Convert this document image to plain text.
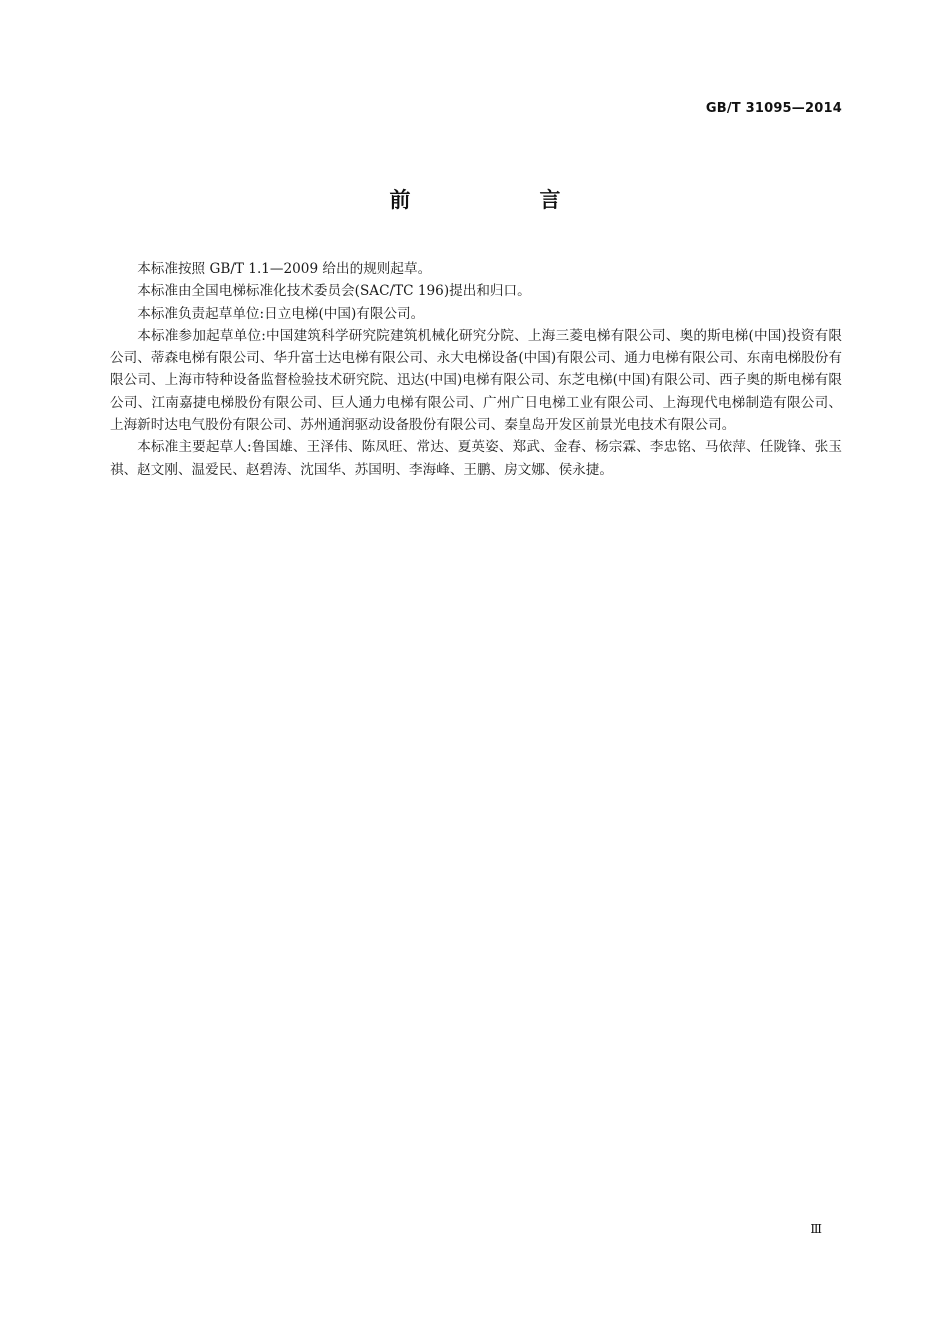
GB/T 31095—2014
前　言

本标准按照 GB/T 1.1—2009 给出的规则起草。

本标准由全国电梯标准化技术委员会(SAC/TC 196)提出和归口。

本标准负责起草单位:日立电梯(中国)有限公司。

本标准参加起草单位:中国建筑科学研究院建筑机械化研究分院、上海三菱电梯有限公司、奥的斯电梯(中国)投资有限公司、蒂森电梯有限公司、华升富士达电梯有限公司、永大电梯设备(中国)有限公司、通力电梯有限公司、东南电梯股份有限公司、上海市特种设备监督检验技术研究院、迅达(中国)电梯有限公司、东芝电梯(中国)有限公司、西子奥的斯电梯有限公司、江南嘉捷电梯股份有限公司、巨人通力电梯有限公司、广州广日电梯工业有限公司、上海现代电梯制造有限公司、上海新时达电气股份有限公司、苏州通润驱动设备股份有限公司、秦皇岛开发区前景光电技术有限公司。

本标准主要起草人:鲁国雄、王泽伟、陈凤旺、常达、夏英姿、郑武、金春、杨宗霖、李忠铭、马依萍、任陇锋、张玉祺、赵文刚、温爱民、赵碧涛、沈国华、苏国明、李海峰、王鹏、房文娜、侯永捷。

Ⅲ
